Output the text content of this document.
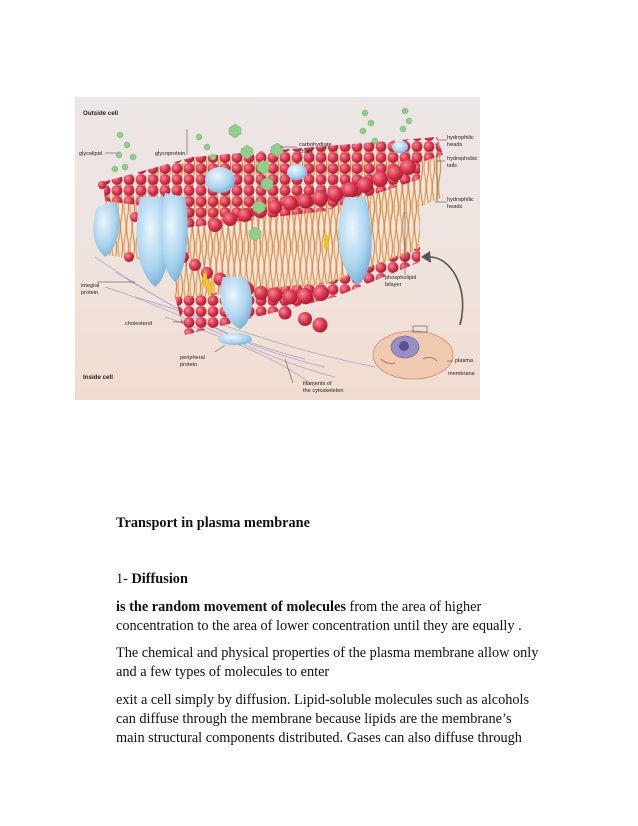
Outside cell
Inside cell
glycolipid	glycoprotein
carbohydrate
chain
hydrophilic
heads
hydrophobic
tails
hydrophilic
heads
phospholipid
bilayer
integral
protein
cholesterol
peripheral
protein
filaments of
the cytoskeleton
plasma
membrane
Transport in plasma membrane
1- Diffusion
is the random movement of molecules from the area of higher
concentration to the area of lower concentration until they are equally .
The chemical and physical properties of the plasma membrane allow only
and a few types of molecules to enter
exit a cell simply by diffusion. Lipid-soluble molecules such as alcohols
can diffuse through the membrane because lipids are the membrane’s
main structural components distributed. Gases can also diffuse through
